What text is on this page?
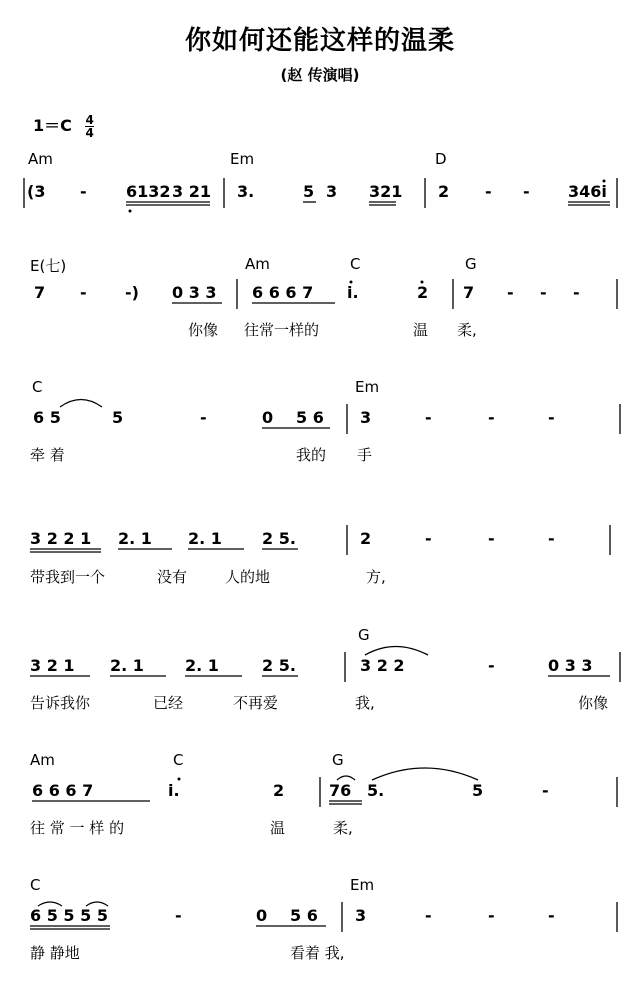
你如何还能这样的温柔
(赵 传演唱)
$1=C \frac{4}{4}$
Am	Em	D
(3 - 6132 3 21 3.	5 3 321 2 - - 346i
E(七)	Am	C	G
7 - -) 0 3 3 6 6 6 7 i.	2 7 - - -
你像 往常一样的	温 柔,
C	Em
6 5	5	-	0 5 6 3	-	-	-
牵 着	我的 手
3 2 2 1 2. 1 2. 1	2 5.	2	-	-	-
带我到一个	没有	人的地	方,
G
3 2 1 2. 1	2. 1	2 5.	3 2 2	-	0 3 3
告诉我你	已经	不再爱	我,	你像
Am	C	G
6 6 6 7	i.	2	76 5.	5	-
往 常 一 样 的	温	柔,
C	Em
6 5 5 5 5	-	0 5 6 3	-	-	-
静 静地	看着 我,
